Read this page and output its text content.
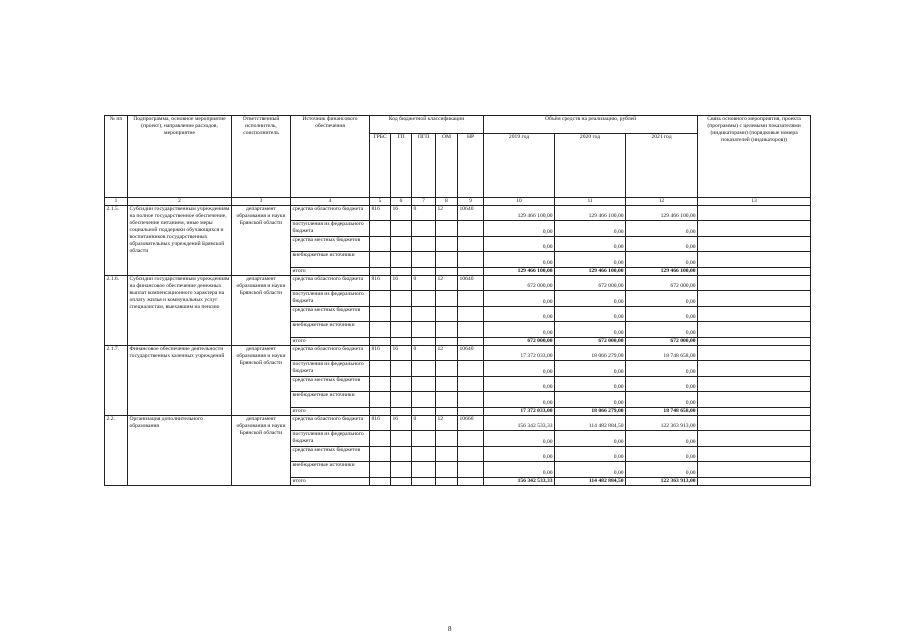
№ пп	Подпрограмма, основное мероприятие (проект), направление расходов, мероприятие	Ответственный исполнитель, соисполнитель	Источник финансового обеспечения	Код бюджетной классификации					Объём средств на реализацию, рублей			Связь основного мероприятия, проекта (программы) с целевыми показателями (индикаторами) (порядковые номера показателей (индикаторов))
				ГРБС	ГП	ПГП	ОМ	НР	2019 год	2020 год	2021 год	
1	2	3	4	5	6	7	8	9	10	11	12	13
2.1.5.	Субсидии государственным учреждениям на полное государственное обеспечение, обеспечение питанием, иные меры социальной поддержки обучающихся и воспитанников государственных образовательных учреждений Брянской области	департамент образования и науки Брянской области	средства областного бюджета	816	16	0	12	10640	129 466 100,00	129 466 100,00	129 466 100,00	
			поступления из федерального бюджета						0,00	0,00	0,00	
			средства местных бюджетов						0,00	0,00	0,00	
			внебюджетные источники						0,00	0,00	0,00	
			итого						129 466 100,00	129 466 100,00	129 466 100,00	
2.1.6.	Субсидии государственным учреждениям на финансовое обеспечение денежных выплат компенсационного характера на оплату жилья и коммунальных услуг специалистам, выехавшим на пенсию	департамент образования и науки Брянской области	средства областного бюджета	816	16	0	12	10640	672 000,00	672 000,00	672 000,00	
			поступления из федерального бюджета						0,00	0,00	0,00	
			средства местных бюджетов						0,00	0,00	0,00	
			внебюджетные источники						0,00	0,00	0,00	
			итого						672 000,00	672 000,00	672 000,00	
2.1.7.	Финансовое обеспечение деятельности государственных казенных учреждений	департамент образования и науки Брянской области	средства областного бюджета	816	16	0	12	10640	17 372 033,00	18 066 279,00	18 748 658,00	
			поступления из федерального бюджета						0,00	0,00	0,00	
			средства местных бюджетов						0,00	0,00	0,00	
			внебюджетные источники						0,00	0,00	0,00	
			итого						17 372 033,00	18 066 279,00	18 748 658,00	
2.2.	Организация дополнительного образования	департамент образования и науки Брянской области	средства областного бюджета	816	16	0	12	10660	156 342 533,33	114 482 884,50	122 363 913,00	
			поступления из федерального бюджета						0,00	0,00	0,00	
			средства местных бюджетов						0,00	0,00	0,00	
			внебюджетные источники						0,00	0,00	0,00	
			итого						156 342 533,33	114 482 884,50	122 363 913,00	
8
